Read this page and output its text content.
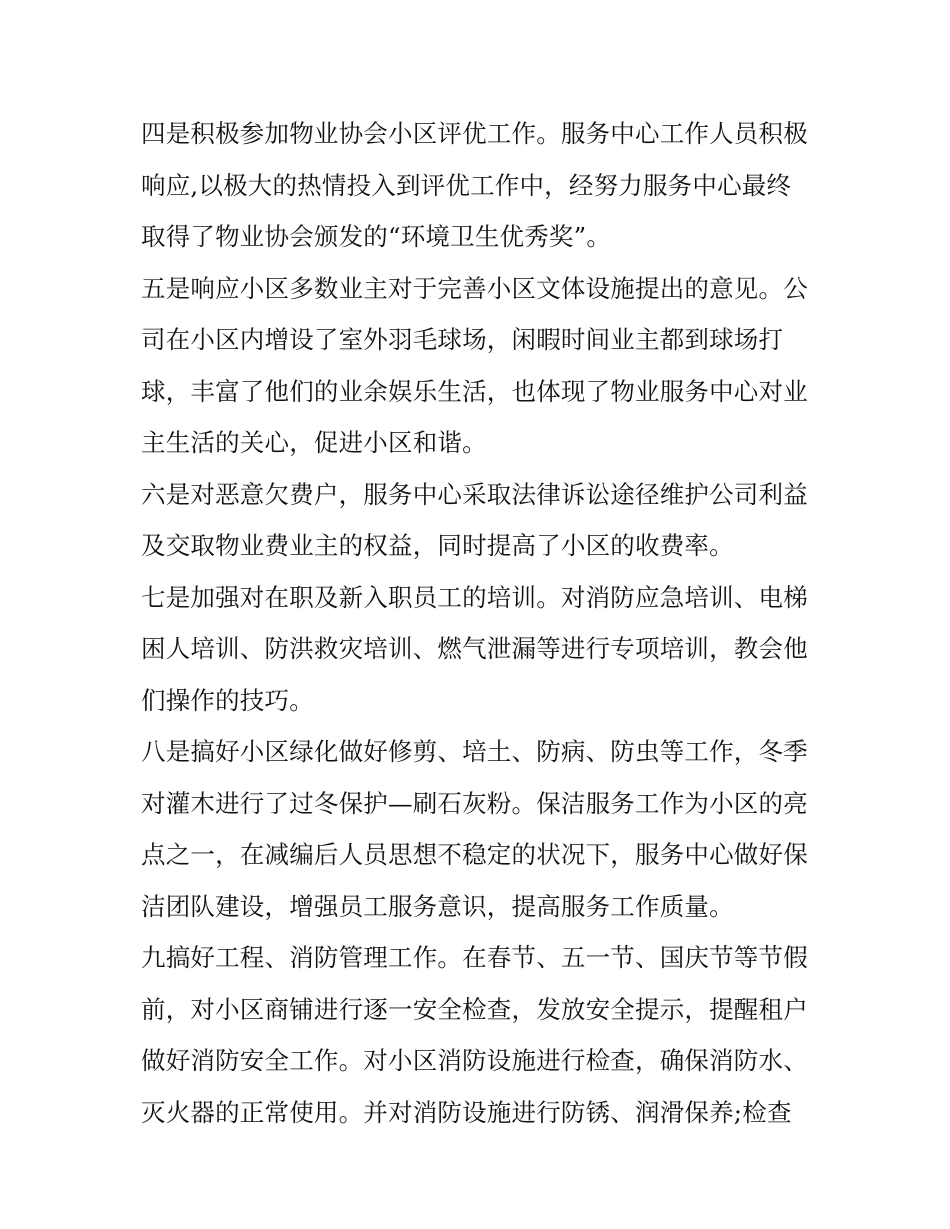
四是积极参加物业协会小区评优工作。服务中心工作人员积极
响应,以极大的热情投入到评优工作中，经努力服务中心最终
取得了物业协会颁发的“环境卫生优秀奖”。
五是响应小区多数业主对于完善小区文体设施提出的意见。公
司在小区内增设了室外羽毛球场，闲暇时间业主都到球场打
球，丰富了他们的业余娱乐生活，也体现了物业服务中心对业
主生活的关心，促进小区和谐。
六是对恶意欠费户，服务中心采取法律诉讼途径维护公司利益
及交取物业费业主的权益，同时提高了小区的收费率。
七是加强对在职及新入职员工的培训。对消防应急培训、电梯
困人培训、防洪救灾培训、燃气泄漏等进行专项培训，教会他
们操作的技巧。
八是搞好小区绿化做好修剪、培土、防病、防虫等工作，冬季
对灌木进行了过冬保护—刷石灰粉。保洁服务工作为小区的亮
点之一，在减编后人员思想不稳定的状况下，服务中心做好保
洁团队建设，增强员工服务意识，提高服务工作质量。
九搞好工程、消防管理工作。在春节、五一节、国庆节等节假
前，对小区商铺进行逐一安全检查，发放安全提示，提醒租户
做好消防安全工作。对小区消防设施进行检查，确保消防水、
灭火器的正常使用。并对消防设施进行防锈、润滑保养;检查
